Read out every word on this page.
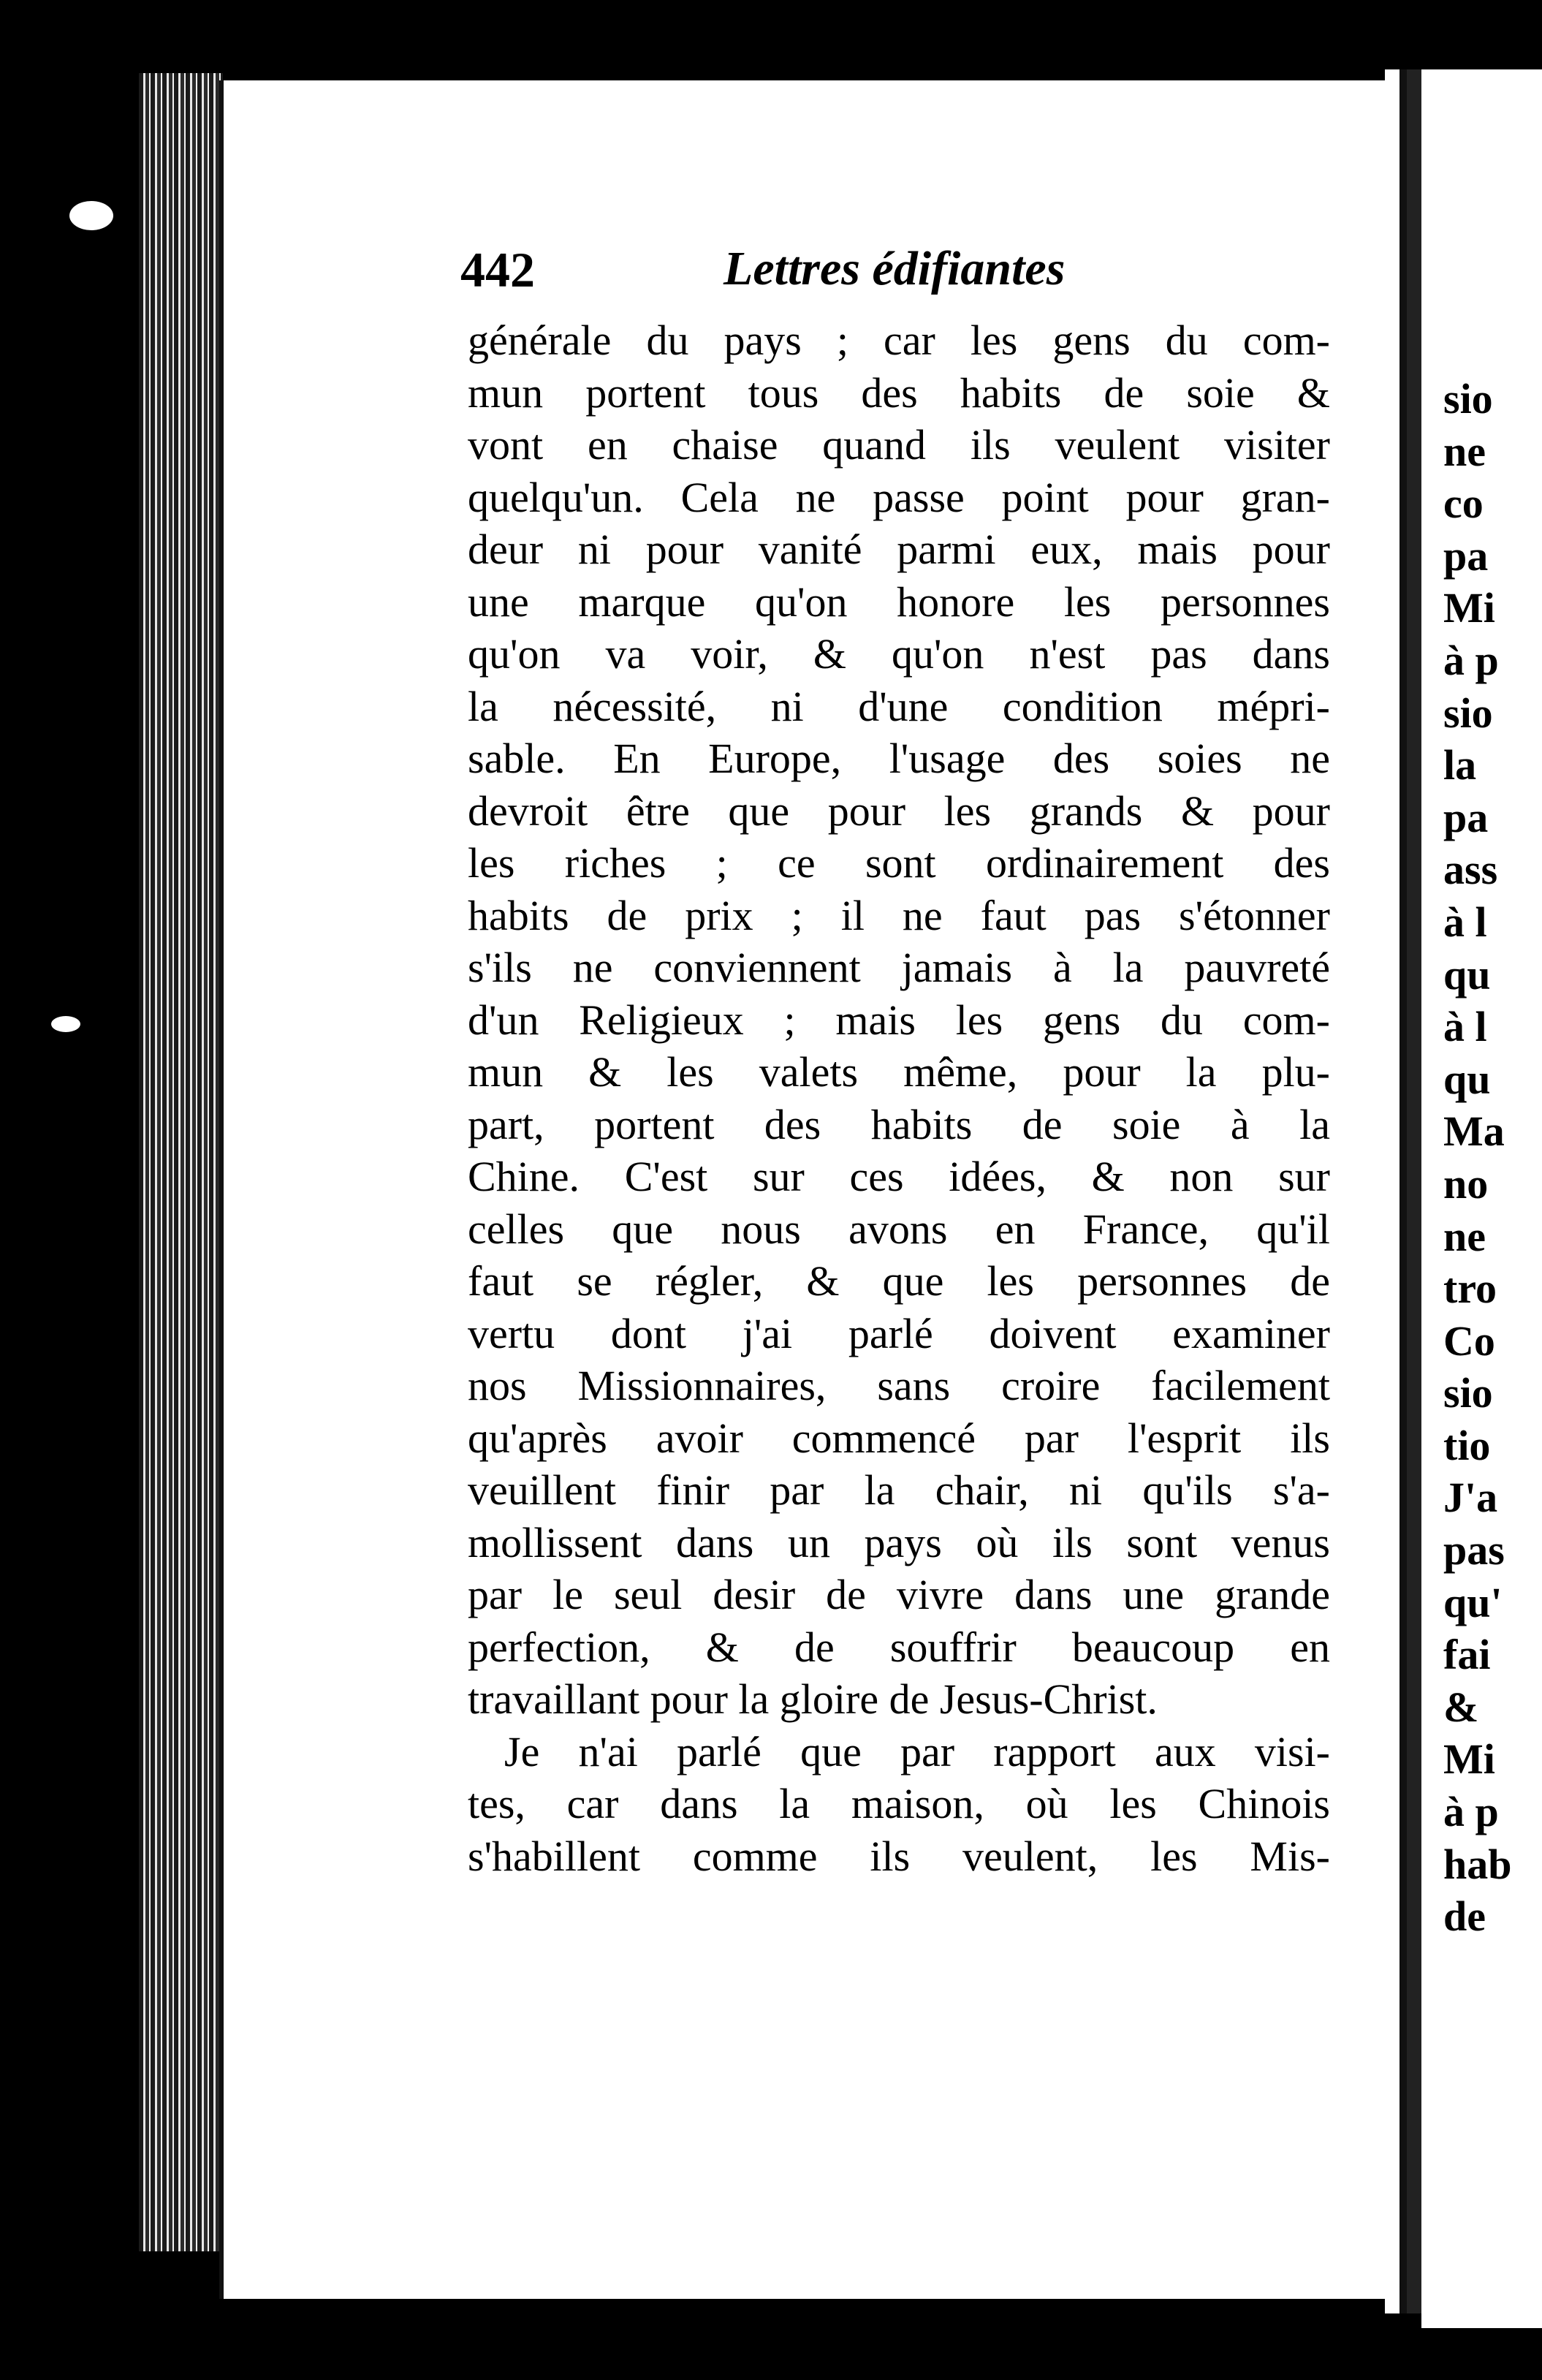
sio
ne
co
pa
Mi
à p
sio
la
pa
ass
à l
qu
à l
qu
Ma
no
ne
tro
Co
sio
tio
J'a
pas
qu'
fai
&
Mi
à p
hab
de
442	Lettres édifiantes
générale du pays ; car les gens du com-
mun portent tous des habits de soie &
vont en chaise quand ils veulent visiter
quelqu'un. Cela ne passe point pour gran-
deur ni pour vanité parmi eux, mais pour
une marque qu'on honore les personnes
qu'on va voir, & qu'on n'est pas dans
la nécessité, ni d'une condition mépri-
sable. En Europe, l'usage des soies ne
devroit être que pour les grands & pour
les riches ; ce sont ordinairement des
habits de prix ; il ne faut pas s'étonner
s'ils ne conviennent jamais à la pauvreté
d'un Religieux ; mais les gens du com-
mun & les valets même, pour la plu-
part, portent des habits de soie à la
Chine. C'est sur ces idées, & non sur
celles que nous avons en France, qu'il
faut se régler, & que les personnes de
vertu dont j'ai parlé doivent examiner
nos Missionnaires, sans croire facilement
qu'après avoir commencé par l'esprit ils
veuillent finir par la chair, ni qu'ils s'a-
mollissent dans un pays où ils sont venus
par le seul desir de vivre dans une grande
perfection, & de souffrir beaucoup en
travaillant pour la gloire de Jesus-Christ.
Je n'ai parlé que par rapport aux visi-
tes, car dans la maison, où les Chinois
s'habillent comme ils veulent, les Mis-
